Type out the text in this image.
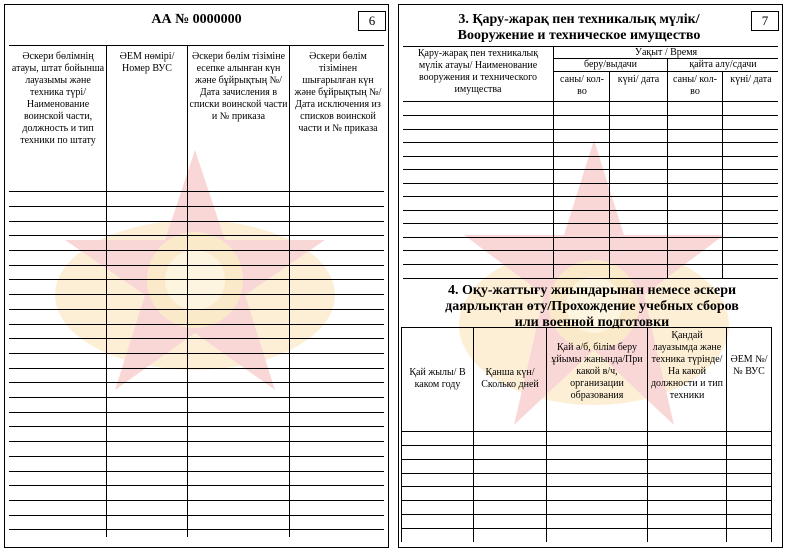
6
АА № 0000000
Әскери бөлімнің атауы, штат бойынша лауазымы және техника түрі/ Наименование воинской части, должность и тип техники по штату
ӘЕМ нөмірі/ Номер ВУС
Әскери бөлім тізіміне есепке алынған күн және бұйрықтың №/ Дата зачисления в списки воинской части и № приказа
Әскери бөлім тізімінен шығарылған күн және бұйрықтың №/ Дата исключения из списков воинской части и № приказа
7
3. Қару-жарақ пен техникалық мүлік/
Вооружение и техническое имущество
Қару-жарақ пен техникалық мүлік атауы/ Наименование вооружения и технического имущества
Уақыт / Время
беру/выдачи	қайта алу/сдачи
саны/ кол-во
күні/ дата	саны/ кол-во
күні/ дата
4. Оқу-жаттығу жиындарынан немесе әскери
даярлықтан өту/Прохождение учебных сборов
или военной подготовки
Қай жылы/ В каком году
Қанша күн/ Сколько дней
Қай ә/б, білім беру ұйымы жанында/При какой в/ч, организации образования
Қандай лауазымда және техника түрінде/ На какой должности и тип техники
ӘЕМ №/ № ВУС
